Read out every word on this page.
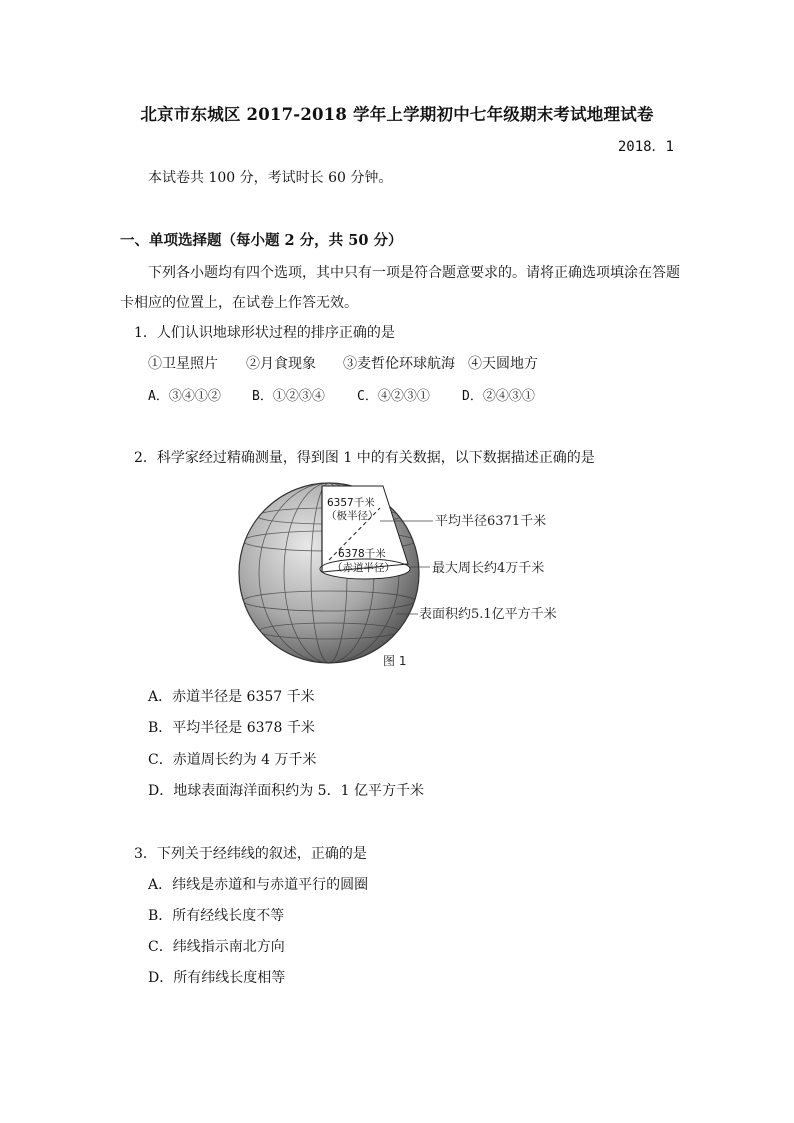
北京市东城区 2017-2018 学年上学期初中七年级期末考试地理试卷
2018．1
本试卷共 100 分，考试时长 60 分钟。
一、单项选择题（每小题 2 分，共 50 分）
下列各小题均有四个选项，其中只有一项是符合题意要求的。请将正确选项填涂在答题
卡相应的位置上，在试卷上作答无效。
1．人们认识地球形状过程的排序正确的是
①卫星照片 ②月食现象 ③麦哲伦环球航海 ④天圆地方
A．③④①② B．①②③④ C．④②③① D．②④③①
2．科学家经过精确测量，得到图 1 中的有关数据，以下数据描述正确的是
6357千米
（极半径）
6378千米
（赤道半径）
平均半径6371千米
最大周长约4万千米
表面积约5.1亿平方千米
图 1
A．赤道半径是 6357 千米
B．平均半径是 6378 千米
C．赤道周长约为 4 万千米
D．地球表面海洋面积约为 5．1 亿平方千米
3．下列关于经纬线的叙述，正确的是
A．纬线是赤道和与赤道平行的圆圈
B．所有经线长度不等
C．纬线指示南北方向
D．所有纬线长度相等
